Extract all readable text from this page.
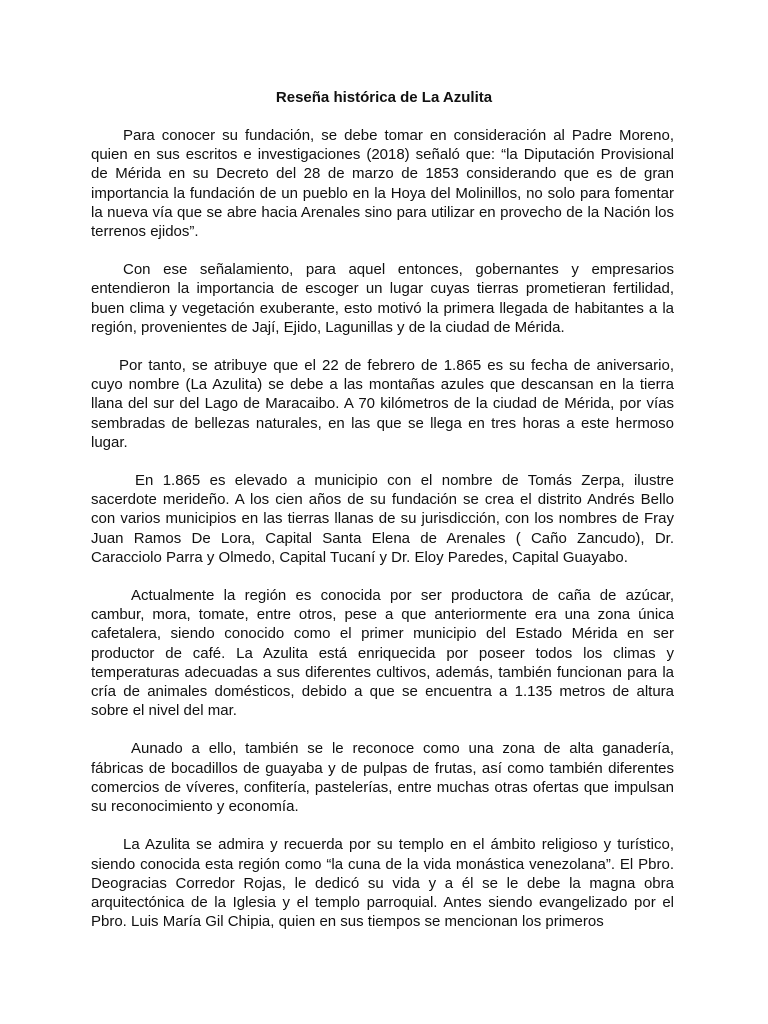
Reseña histórica de La Azulita

Para conocer su fundación, se debe tomar en consideración al Padre Moreno, quien en sus escritos e investigaciones (2018) señaló que: “la Diputación Provisional de Mérida en su Decreto del 28 de marzo de 1853 considerando que es de gran importancia la fundación de un pueblo en la Hoya del Molinillos, no solo para fomentar la nueva vía que se abre hacia Arenales sino para utilizar en provecho de la Nación los terrenos ejidos”.

Con ese señalamiento, para aquel entonces, gobernantes y empresarios entendieron la importancia de escoger un lugar cuyas tierras prometieran fertilidad, buen clima y vegetación exuberante, esto motivó la primera llegada de habitantes a la región, provenientes de Jají, Ejido, Lagunillas y de la ciudad de Mérida.

Por tanto, se atribuye que el 22 de febrero de 1.865 es su fecha de aniversario, cuyo nombre (La Azulita) se debe a las montañas azules que descansan en la tierra llana del sur del Lago de Maracaibo. A 70 kilómetros de la ciudad de Mérida, por vías sembradas de bellezas naturales, en las que se llega en tres horas a este hermoso lugar.

En 1.865 es elevado a municipio con el nombre de Tomás Zerpa, ilustre sacerdote merideño. A los cien años de su fundación se crea el distrito Andrés Bello con varios municipios en las tierras llanas de su jurisdicción, con los nombres de Fray Juan Ramos De Lora, Capital Santa Elena de Arenales ( Caño Zancudo), Dr. Caracciolo Parra y Olmedo, Capital Tucaní y Dr. Eloy Paredes, Capital Guayabo.

Actualmente la región es conocida por ser productora de caña de azúcar, cambur, mora, tomate, entre otros, pese a que anteriormente era una zona única cafetalera, siendo conocido como el primer municipio del Estado Mérida en ser productor de café. La Azulita está enriquecida por poseer todos los climas y temperaturas adecuadas a sus diferentes cultivos, además, también funcionan para la cría de animales domésticos, debido a que se encuentra a 1.135 metros de altura sobre el nivel del mar.

Aunado a ello, también se le reconoce como una zona de alta ganadería, fábricas de bocadillos de guayaba y de pulpas de frutas, así como también diferentes comercios de víveres, confitería, pastelerías, entre muchas otras ofertas que impulsan su reconocimiento y economía.

La Azulita se admira y recuerda por su templo en el ámbito religioso y turístico, siendo conocida esta región como “la cuna de la vida monástica venezolana”. El Pbro. Deogracias Corredor Rojas, le dedicó su vida y a él se le debe la magna obra arquitectónica de la Iglesia y el templo parroquial. Antes siendo evangelizado por el Pbro. Luis María Gil Chipia, quien en sus tiempos se mencionan los primeros
